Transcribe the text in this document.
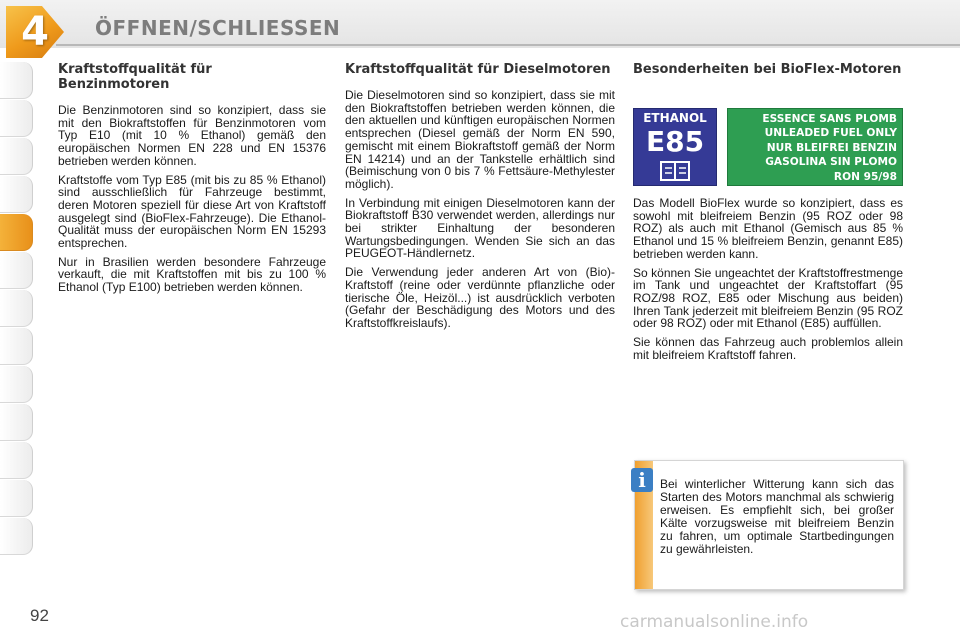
4	ÖFFNEN/SCHLIESSEN
Kraftstoffqualität für Benzinmotoren

Die Benzinmotoren sind so konzipiert, dass sie mit den Biokraftstoffen für Benzinmotoren vom Typ E10 (mit 10 % Ethanol) gemäß den europäischen Normen EN 228 und EN 15376 betrieben werden können.

Kraftstoffe vom Typ E85 (mit bis zu 85 % Ethanol) sind ausschließlich für Fahrzeuge bestimmt, deren Motoren speziell für diese Art von Kraftstoff ausgelegt sind (BioFlex-Fahrzeuge). Die Ethanol-Qualität muss der europäischen Norm EN 15293 entsprechen.

Nur in Brasilien werden besondere Fahrzeuge verkauft, die mit Kraftstoffen mit bis zu 100 % Ethanol (Typ E100) betrieben werden können.

Kraftstoffqualität für Dieselmotoren

Die Dieselmotoren sind so konzipiert, dass sie mit den Biokraftstoffen betrieben werden können, die den aktuellen und künftigen europäischen Normen entsprechen (Diesel gemäß der Norm EN 590, gemischt mit einem Biokraftstoff gemäß der Norm EN 14214) und an der Tankstelle erhältlich sind (Beimischung von 0 bis 7 % Fettsäure-Methylester möglich).

In Verbindung mit einigen Dieselmotoren kann der Biokraftstoff B30 verwendet werden, allerdings nur bei strikter Einhaltung der besonderen Wartungsbedingungen. Wenden Sie sich an das PEUGEOT-Händlernetz.

Die Verwendung jeder anderen Art von (Bio)-Kraftstoff (reine oder verdünnte pflanzliche oder tierische Öle, Heizöl...) ist ausdrücklich verboten (Gefahr der Beschädigung des Motors und des Kraftstoffkreislaufs).

Besonderheiten bei BioFlex-Motoren

Das Modell BioFlex wurde so konzipiert, dass es sowohl mit bleifreiem Benzin (95 ROZ oder 98 ROZ) als auch mit Ethanol (Gemisch aus 85 % Ethanol und 15 % bleifreiem Benzin, genannt E85) betrieben werden kann.

So können Sie ungeachtet der Kraftstoffrestmenge im Tank und ungeachtet der Kraftstoffart (95 ROZ/98 ROZ, E85 oder Mischung aus beiden) Ihren Tank jederzeit mit bleifreiem Benzin (95 ROZ oder 98 ROZ) oder mit Ethanol (E85) auffüllen.

Sie können das Fahrzeug auch problemlos allein mit bleifreiem Kraftstoff fahren.

ETHANOL
E85
ESSENCE SANS PLOMB
UNLEADED FUEL ONLY
NUR BLEIFREI BENZIN
GASOLINA SIN PLOMO
RON 95/98
i	Bei winterlicher Witterung kann sich das Starten des Motors manchmal als schwierig erweisen. Es empfiehlt sich, bei großer Kälte vorzugsweise mit bleifreiem Benzin zu fahren, um optimale Startbedingungen zu gewährleisten.

92	carmanualsonline.info
